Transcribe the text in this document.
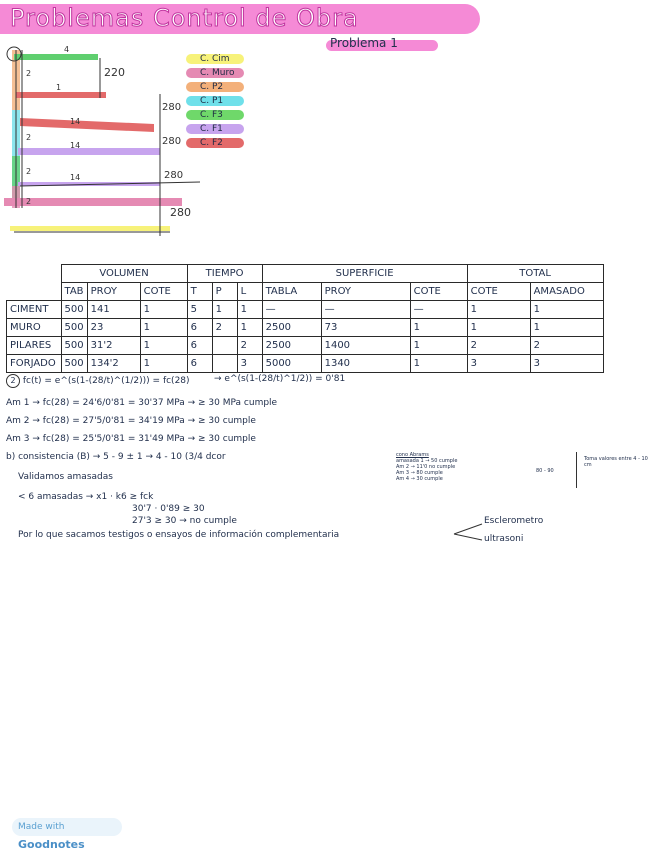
Problemas Control de Obra
Problema 1
220
280
280
280
280
4
1
14
14
14
2
2
2
2
C. Cim
C. Muro
C. P2
C. P1
C. F3
C. F1
C. F2
	VOLUMEN			TIEMPO			SUPERFICIE			TOTAL	
	TAB	PROY	COTE	T	P	L	TABLA	PROY	COTE	COTE	AMASADO
CIMENT	500	141	1	5	1	1	—	—	—	1	1
MURO	500	23	1	6	2	1	2500	73	1	1	1
PILARES	500	31'2	1	6		2	2500	1400	1	2	2
FORJADO	500	134'2	1	6		3	5000	1340	1	3	3
2 fc(t) = e^(s(1-(28/t)^(1/2))) = fc(28)	→ e^(s(1-(28/t)^1/2)) = 0'81
Am 1 → fc(28) = 24'6/0'81 = 30'37 MPa → ≥ 30 MPa cumple
Am 2 → fc(28) = 27'5/0'81 = 34'19 MPa → ≥ 30 cumple
Am 3 → fc(28) = 25'5/0'81 = 31'49 MPa → ≥ 30 cumple
b) consistencia (B) → 5 - 9 ± 1 → 4 - 10 (3/4 dcor
Validamos amasadas
< 6 amasadas → x1 · k6 ≥ fck
30'7 · 0'89 ≥ 30
27'3 ≥ 30 → no cumple
Por lo que sacamos testigos o ensayos de información complementaria
Esclerometro
ultrasoni
cono Abrams
amasada 1 → 50 cumple
Am 2 → 11'0 no cumple
Am 3 → 80 cumple
Am 4 → 30 cumple
80 - 90
Toma valores entre 4 - 10 cm
Made with Goodnotes
